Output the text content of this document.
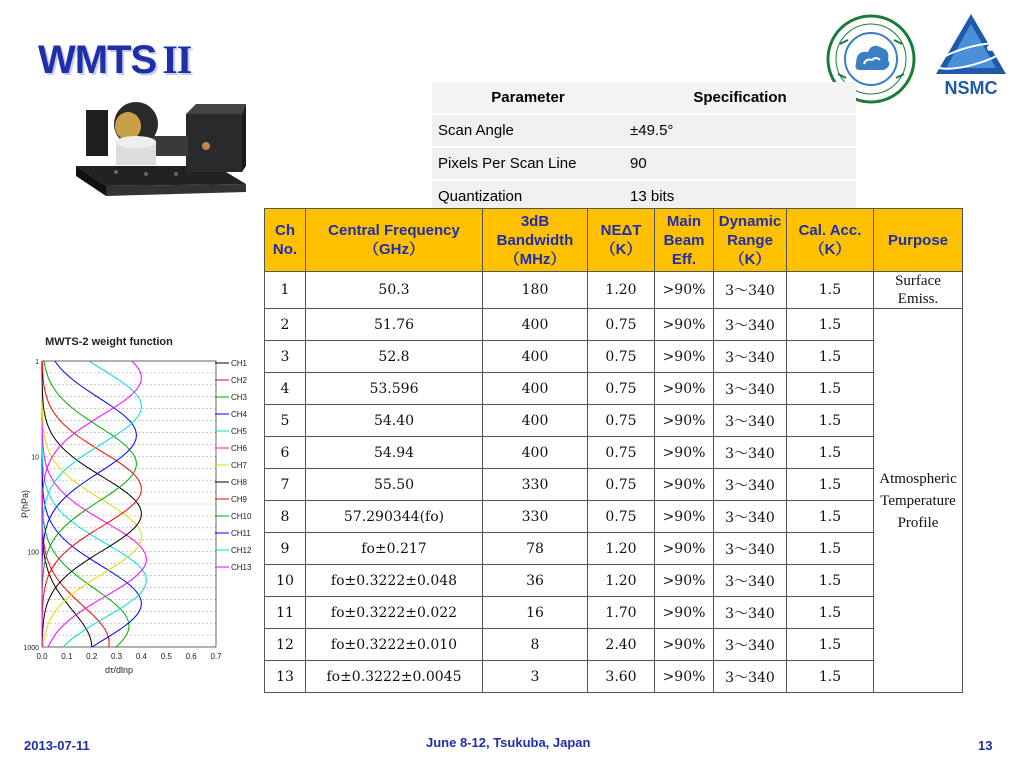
WMTS II
NSMC
Parameter	Specification
Scan Angle	±49.5°
Pixels Per Scan Line	90
Quantization	13 bits
Ch No.	Central Frequency （GHz）	3dB Bandwidth （MHz）	NEΔT （K）	Main Beam Eff.	Dynamic Range （K）	Cal. Acc. （K）	Purpose
1	50.3	180	1.20	>90%	3～340	1.5	Surface Emiss.
2	51.76	400	0.75	>90%	3～340	1.5	Atmospheric Temperature Profile
3	52.8	400	0.75	>90%	3～340	1.5	
4	53.596	400	0.75	>90%	3～340	1.5	
5	54.40	400	0.75	>90%	3～340	1.5	
6	54.94	400	0.75	>90%	3～340	1.5	
7	55.50	330	0.75	>90%	3～340	1.5	
8	57.290344(fo)	330	0.75	>90%	3～340	1.5	
9	fo±0.217	78	1.20	>90%	3～340	1.5	
10	fo±0.3222±0.048	36	1.20	>90%	3～340	1.5	
11	fo±0.3222±0.022	16	1.70	>90%	3～340	1.5	
12	fo±0.3222±0.010	8	2.40	>90%	3～340	1.5	
13	fo±0.3222±0.0045	3	3.60	>90%	3～340	1.5	
MWTS-2 weight function
0.0 0.1 0.2 0.3 0.4 0.5 0.6 0.7
1
10
100
1000
dτ/dlnp
P(hPa)
CH1
CH2
CH3
CH4
CH5
CH6
CH7
CH8
CH9
CH10
CH11
CH12
CH13
2013-07-11	June 8-12, Tsukuba, Japan	13
